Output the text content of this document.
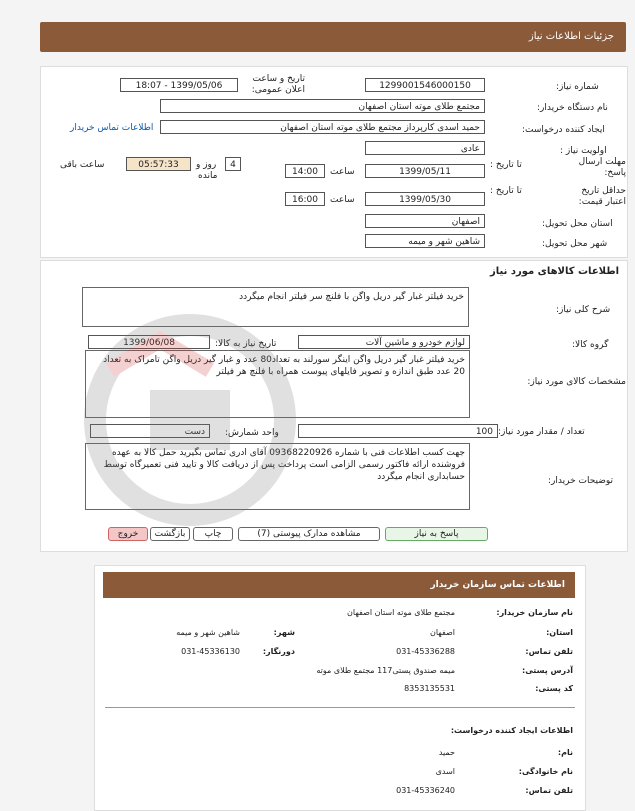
جزئیات اطلاعات نیاز
شماره نیاز:
1299001546000150
تاریخ و ساعت اعلان عمومی:
1399/05/06 - 18:07
نام دستگاه خریدار:
مجتمع طلای موته استان اصفهان
ایجاد کننده درخواست:
حمید اسدی کارپرداز مجتمع طلای موته استان اصفهان
اطلاعات تماس خریدار
اولویت نیاز :
عادی
مهلت ارسال پاسخ:
تا تاریخ :
1399/05/11
ساعت
14:00
4
روز و
05:57:33
ساعت باقی
مانده
حداقل تاریخ اعتبار قیمت:
تا تاریخ :
1399/05/30
ساعت
16:00
استان محل تحویل:
اصفهان
شهر محل تحویل:
شاهین شهر و میمه
اطلاعات کالاهای مورد نیاز
شرح کلی نیاز:
خرید فیلتر غبار گیر دریل واگن با فلنچ سر فیلتر انجام میگردد
گروه کالا:
لوازم خودرو و ماشین آلات
تاریخ نیاز به کالا:
1399/06/08
مشخصات کالای مورد نیاز:
خرید فیلتر غبار گیر دریل واگن اینگر سورلند به تعداد80 عدد و غبار گیر دریل واگن تامراک به تعداد 20 عدد طبق اندازه و تصویر فایلهای پیوست همراه با فلنچ هر فیلتر
تعداد / مقدار مورد نیاز:
100
واحد شمارش:
دست
توضیحات خریدار:
جهت کسب اطلاعات فنی با شماره 09368220926 آقای ادری تماس بگیرید حمل کالا به عهده فروشنده ارائه فاکتور رسمی الزامی است پرداخت پس از دریافت کالا و تایید فنی تعمیرگاه توسط حسابداری انجام میگردد
پاسخ به نیاز
مشاهده مدارک پیوستی (7)
چاپ
بازگشت
خروج
اطلاعات تماس سازمان خریدار
نام سازمان خریدار:
مجتمع طلای موته استان اصفهان
استان:
اصفهان
شهر:
شاهین شهر و میمه
تلفن تماس:
031-45336288
دورنگار:
031-45336130
آدرس پستی:
میمه صندوق پستی117 مجتمع طلای موته
کد پستی:
8353135531
اطلاعات ایجاد کننده درخواست:
نام:
حمید
نام خانوادگی:
اسدی
تلفن تماس:
031-45336240
